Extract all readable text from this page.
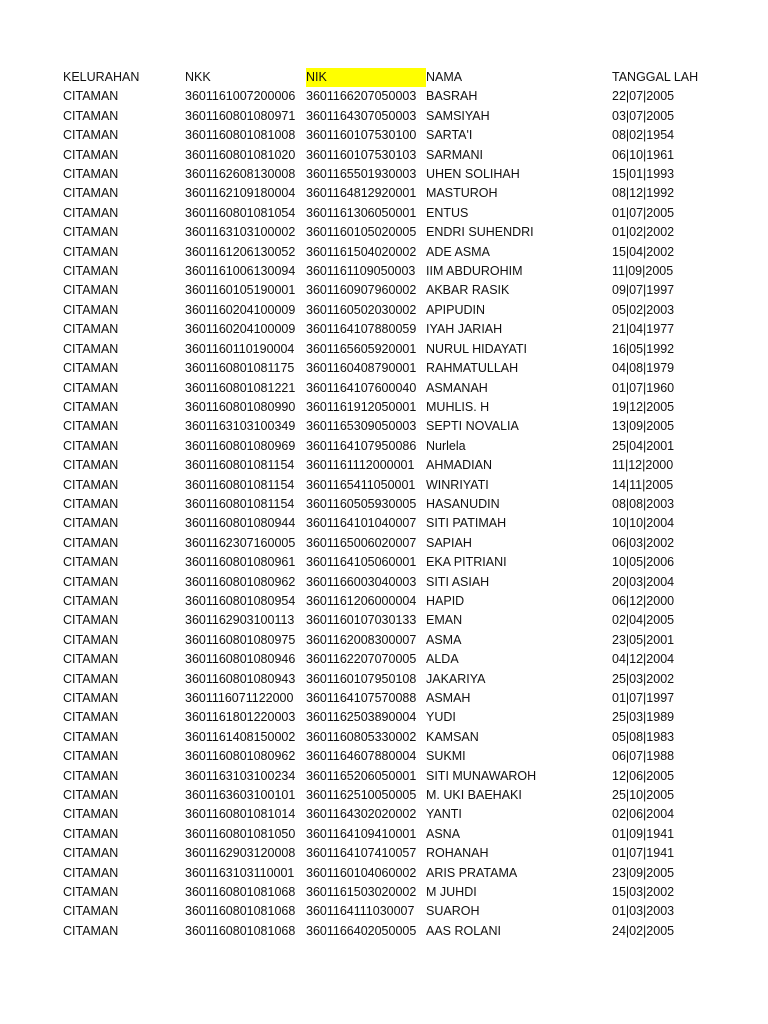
KELURAHAN	NKK	NIK	NAMA	TANGGAL LAH
CITAMAN	3601161007200006	3601166207050003	BASRAH	22|07|2005
CITAMAN	3601160801080971	3601164307050003	SAMSIYAH	03|07|2005
CITAMAN	3601160801081008	3601160107530100	SARTA'I	08|02|1954
CITAMAN	3601160801081020	3601160107530103	SARMANI	06|10|1961
CITAMAN	3601162608130008	3601165501930003	UHEN SOLIHAH	15|01|1993
CITAMAN	3601162109180004	3601164812920001	MASTUROH	08|12|1992
CITAMAN	3601160801081054	3601161306050001	ENTUS	01|07|2005
CITAMAN	3601163103100002	3601160105020005	ENDRI SUHENDRI	01|02|2002
CITAMAN	3601161206130052	3601161504020002	ADE ASMA	15|04|2002
CITAMAN	3601161006130094	3601161109050003	IIM ABDUROHIM	11|09|2005
CITAMAN	3601160105190001	3601160907960002	AKBAR RASIK	09|07|1997
CITAMAN	3601160204100009	3601160502030002	APIPUDIN	05|02|2003
CITAMAN	3601160204100009	3601164107880059	IYAH JARIAH	21|04|1977
CITAMAN	3601160110190004	3601165605920001	NURUL HIDAYATI	16|05|1992
CITAMAN	3601160801081175	3601160408790001	RAHMATULLAH	04|08|1979
CITAMAN	3601160801081221	3601164107600040	ASMANAH	01|07|1960
CITAMAN	3601160801080990	3601161912050001	MUHLIS. H	19|12|2005
CITAMAN	3601163103100349	3601165309050003	SEPTI NOVALIA	13|09|2005
CITAMAN	3601160801080969	3601164107950086	Nurlela	25|04|2001
CITAMAN	3601160801081154	3601161112000001	AHMADIAN	11|12|2000
CITAMAN	3601160801081154	3601165411050001	WINRIYATI	14|11|2005
CITAMAN	3601160801081154	3601160505930005	HASANUDIN	08|08|2003
CITAMAN	3601160801080944	3601164101040007	SITI PATIMAH	10|10|2004
CITAMAN	3601162307160005	3601165006020007	SAPIAH	06|03|2002
CITAMAN	3601160801080961	3601164105060001	EKA PITRIANI	10|05|2006
CITAMAN	3601160801080962	3601166003040003	SITI ASIAH	20|03|2004
CITAMAN	3601160801080954	3601161206000004	HAPID	06|12|2000
CITAMAN	3601162903100113	3601160107030133	EMAN	02|04|2005
CITAMAN	3601160801080975	3601162008300007	ASMA	23|05|2001
CITAMAN	3601160801080946	3601162207070005	ALDA	04|12|2004
CITAMAN	3601160801080943	3601160107950108	JAKARIYA	25|03|2002
CITAMAN	3601116071122000	3601164107570088	ASMAH	01|07|1997
CITAMAN	3601161801220003	3601162503890004	YUDI	25|03|1989
CITAMAN	3601161408150002	3601160805330002	KAMSAN	05|08|1983
CITAMAN	3601160801080962	3601164607880004	SUKMI	06|07|1988
CITAMAN	3601163103100234	3601165206050001	SITI MUNAWAROH	12|06|2005
CITAMAN	3601163603100101	3601162510050005	M. UKI BAEHAKI	25|10|2005
CITAMAN	3601160801081014	3601164302020002	YANTI	02|06|2004
CITAMAN	3601160801081050	3601164109410001	ASNA	01|09|1941
CITAMAN	3601162903120008	3601164107410057	ROHANAH	01|07|1941
CITAMAN	3601163103110001	3601160104060002	ARIS PRATAMA	23|09|2005
CITAMAN	3601160801081068	3601161503020002	M JUHDI	15|03|2002
CITAMAN	3601160801081068	3601164111030007	SUAROH	01|03|2003
CITAMAN	3601160801081068	3601166402050005	AAS ROLANI	24|02|2005
